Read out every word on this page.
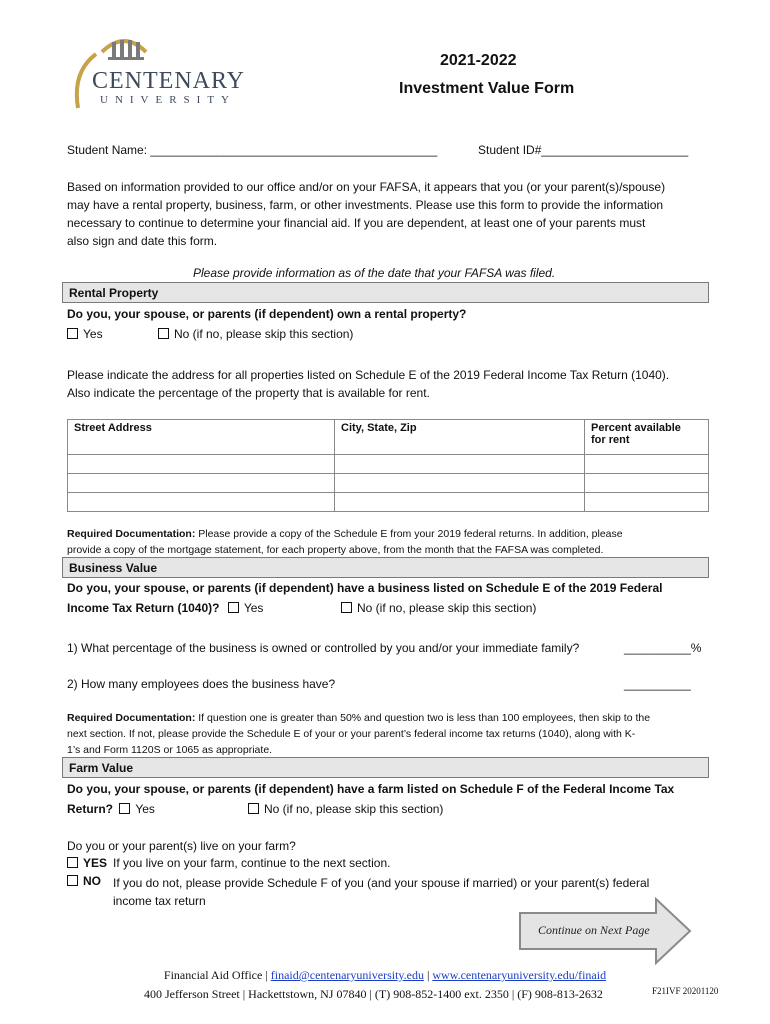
CENTENARY
UNIVERSITY
2021-2022
Investment Value Form
Student Name: ___________________________________________	Student ID#______________________
Based on information provided to our office and/or on your FAFSA, it appears that you (or your parent(s)/spouse)
may have a rental property, business, farm, or other investments. Please use this form to provide the information
necessary to continue to determine your financial aid. If you are dependent, at least one of your parents must
also sign and date this form.
Please provide information as of the date that your FAFSA was filed.
Rental Property
Do you, your spouse, or parents (if dependent) own a rental property?
Yes	No (if no, please skip this section)
Please indicate the address for all properties listed on Schedule E of the 2019 Federal Income Tax Return (1040).
Also indicate the percentage of the property that is available for rent.
Street Address	City, State, Zip	Percent available
for rent

Required Documentation: Please provide a copy of the Schedule E from your 2019 federal returns. In addition, please
provide a copy of the mortgage statement, for each property above, from the month that the FAFSA was completed.
Business Value
Do you, your spouse, or parents (if dependent) have a business listed on Schedule E of the 2019 Federal
Income Tax Return (1040)? Yes	No (if no, please skip this section)
1) What percentage of the business is owned or controlled by you and/or your immediate family?	__________%
2) How many employees does the business have?	__________
Required Documentation: If question one is greater than 50% and question two is less than 100 employees, then skip to the
next section. If not, please provide the Schedule E of your or your parent’s federal income tax returns (1040), along with K-
1’s and Form 1120S or 1065 as appropriate.
Farm Value
Do you, your spouse, or parents (if dependent) have a farm listed on Schedule F of the Federal Income Tax
Return? Yes	No (if no, please skip this section)
Do you or your parent(s) live on your farm?
YES If you live on your farm, continue to the next section.
NO If you do not, please provide Schedule F of you (and your spouse if married) or your parent(s) federal
income tax return
Continue on Next Page
Financial Aid Office | finaid@centenaryuniversity.edu | www.centenaryuniversity.edu/finaid
400 Jefferson Street | Hackettstown, NJ 07840 | (T) 908-852-1400 ext. 2350 | (F) 908-813-2632	F21IVF 20201120
